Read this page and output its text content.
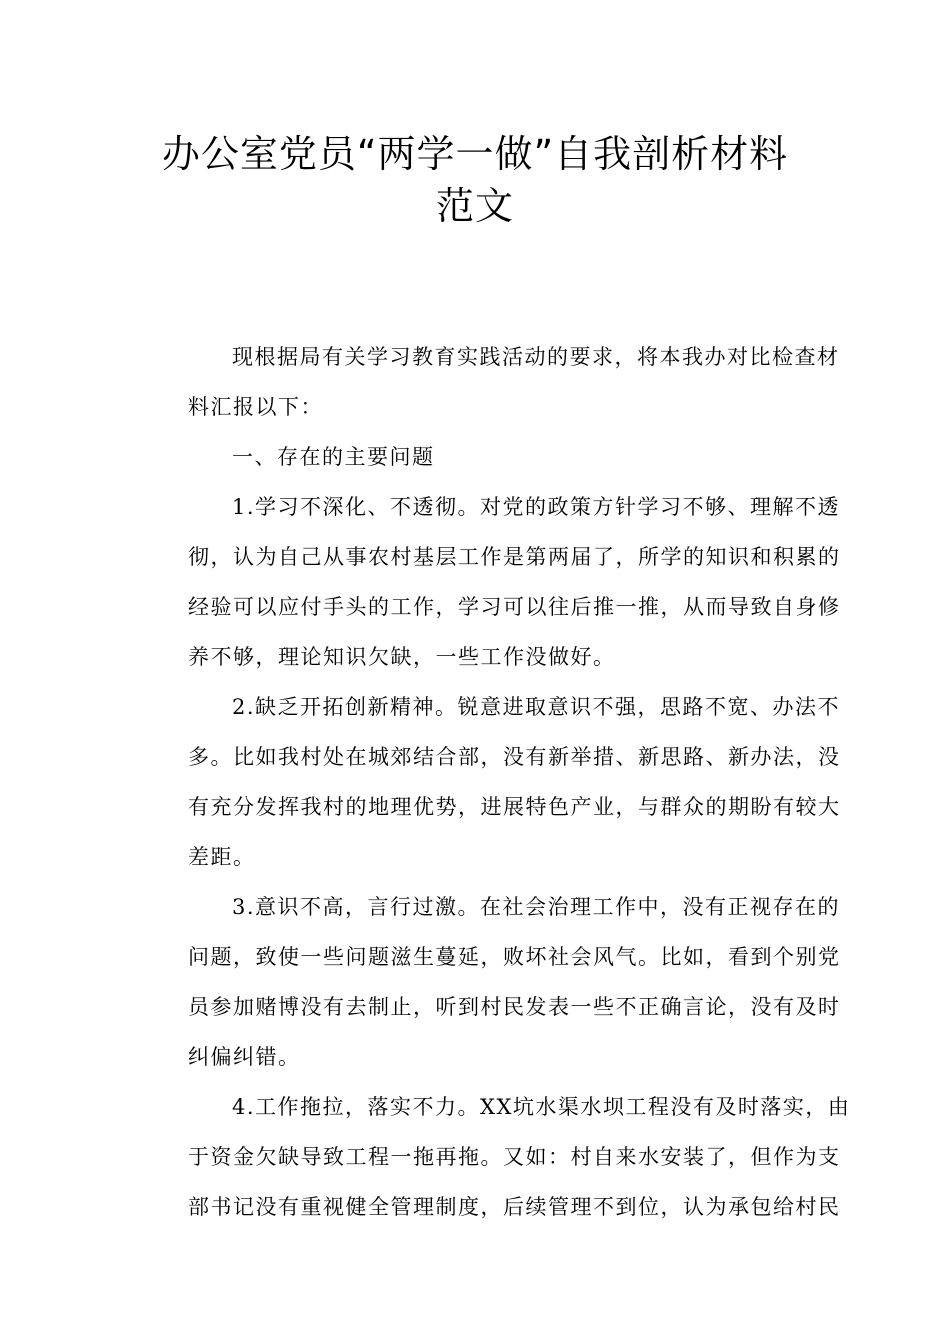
办公室党员“两学一做”自我剖析材料
范文
现根据局有关学习教育实践活动的要求，将本我办对比检查材
料汇报以下：
一、存在的主要问题
1.学习不深化、不透彻。对党的政策方针学习不够、理解不透
彻，认为自己从事农村基层工作是第两届了，所学的知识和积累的
经验可以应付手头的工作，学习可以往后推一推，从而导致自身修
养不够，理论知识欠缺，一些工作没做好。
2.缺乏开拓创新精神。锐意进取意识不强，思路不宽、办法不
多。比如我村处在城郊结合部，没有新举措、新思路、新办法，没
有充分发挥我村的地理优势，进展特色产业，与群众的期盼有较大
差距。
3.意识不高，言行过激。在社会治理工作中，没有正视存在的
问题，致使一些问题滋生蔓延，败坏社会风气。比如，看到个别党
员参加赌博没有去制止，听到村民发表一些不正确言论，没有及时
纠偏纠错。
4.工作拖拉，落实不力。XX坑水渠水坝工程没有及时落实，由
于资金欠缺导致工程一拖再拖。又如：村自来水安装了，但作为支
部书记没有重视健全管理制度，后续管理不到位，认为承包给村民
